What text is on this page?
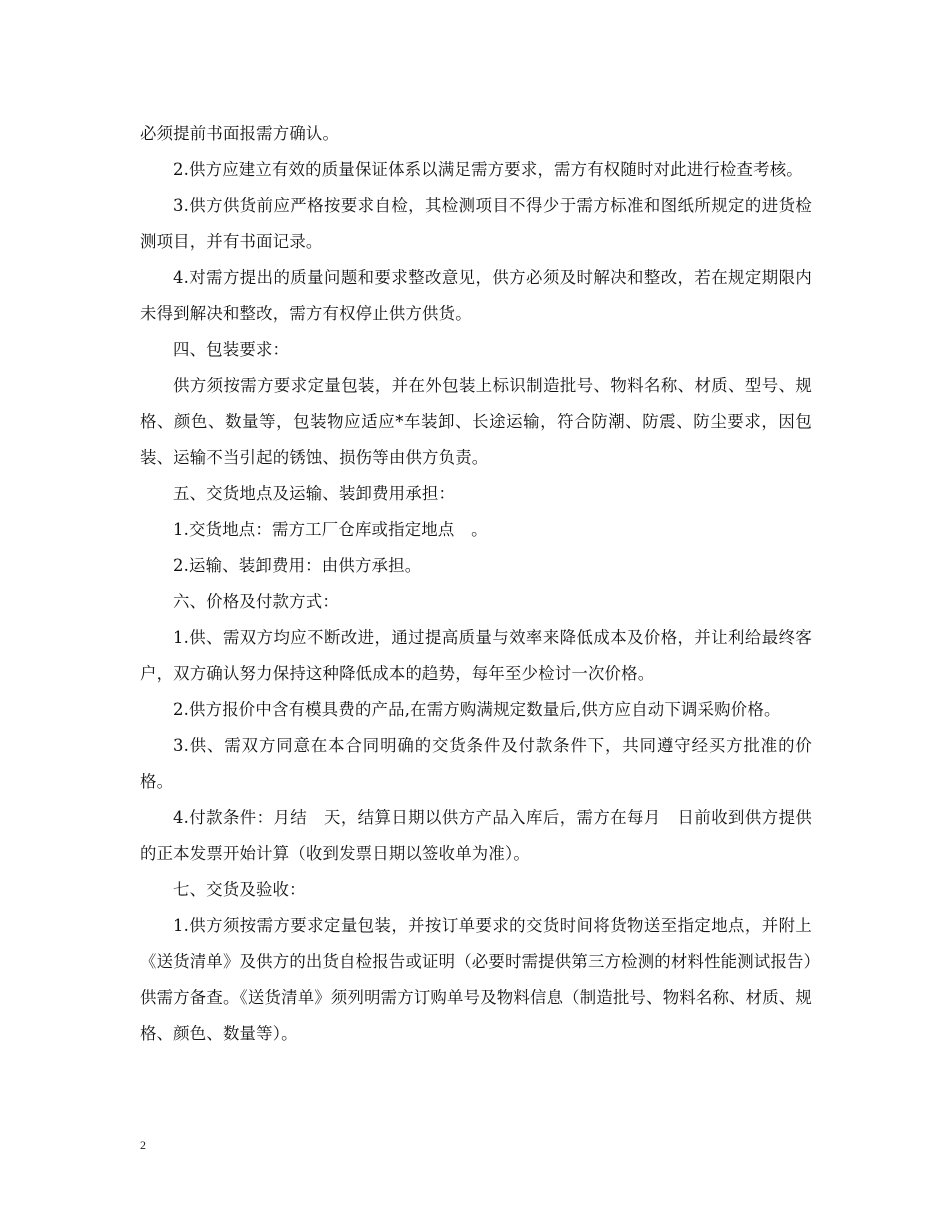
必须提前书面报需方确认。

2.供方应建立有效的质量保证体系以满足需方要求，需方有权随时对此进行检查考核。

3.供方供货前应严格按要求自检，其检测项目不得少于需方标准和图纸所规定的进货检测项目，并有书面记录。

4.对需方提出的质量问题和要求整改意见，供方必须及时解决和整改，若在规定期限内未得到解决和整改，需方有权停止供方供货。

四、包装要求：

供方须按需方要求定量包装，并在外包装上标识制造批号、物料名称、材质、型号、规格、颜色、数量等，包装物应适应*车装卸、长途运输，符合防潮、防震、防尘要求，因包装、运输不当引起的锈蚀、损伤等由供方负责。

五、交货地点及运输、装卸费用承担：

1.交货地点：需方工厂仓库或指定地点　。

2.运输、装卸费用：由供方承担。

六、价格及付款方式：

1.供、需双方均应不断改进，通过提高质量与效率来降低成本及价格，并让利给最终客户，双方确认努力保持这种降低成本的趋势，每年至少检讨一次价格。

2.供方报价中含有模具费的产品,在需方购满规定数量后,供方应自动下调采购价格。

3.供、需双方同意在本合同明确的交货条件及付款条件下，共同遵守经买方批准的价格。

4.付款条件：月结　天，结算日期以供方产品入库后，需方在每月　日前收到供方提供的正本发票开始计算（收到发票日期以签收单为准）。

七、交货及验收：

1.供方须按需方要求定量包装，并按订单要求的交货时间将货物送至指定地点，并附上《送货清单》及供方的出货自检报告或证明（必要时需提供第三方检测的材料性能测试报告）供需方备查。《送货清单》须列明需方订购单号及物料信息（制造批号、物料名称、材质、规格、颜色、数量等）。

2
